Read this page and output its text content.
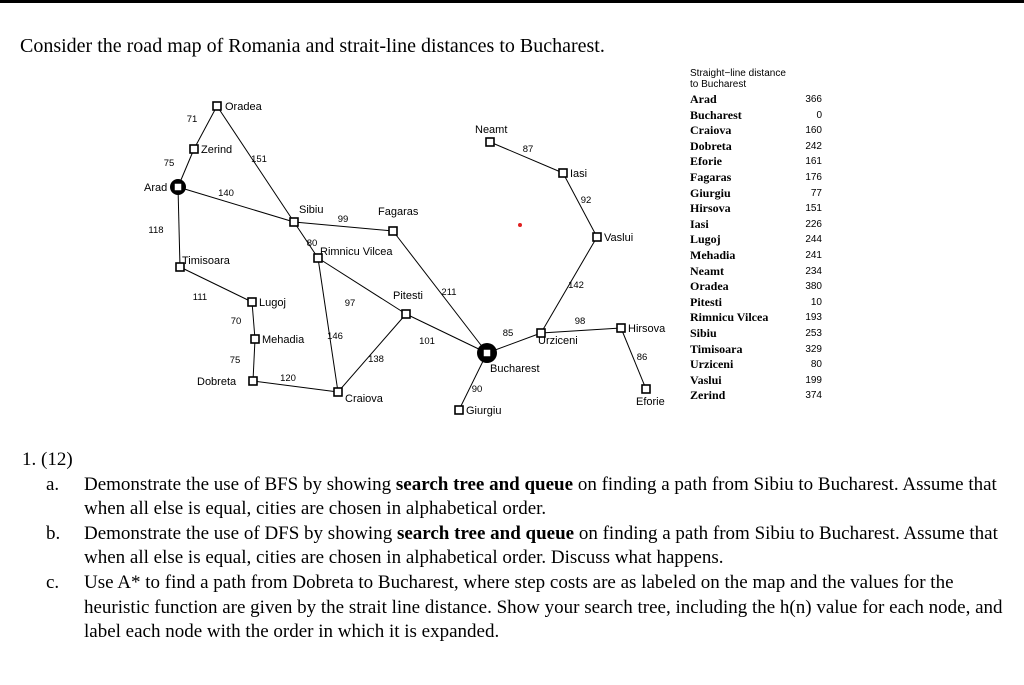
Consider the road map of Romania and strait-line distances to Bucharest.
71
75	151
140
118
111
70
75
120
99
80
97
146
138
101
211
90
85
98
86
142
92
87
Oradea
Zerind
Arad
Timisoara
Lugoj
Mehadia
Dobreta
Sibiu	Fagaras
Rimnicu Vilcea
Pitesti
Craiova
Bucharest
Giurgiu
Urziceni
Hirsova
Eforie
Vaslui
Iasi
Neamt
Straight−line distance
to Bucharest
Arad	366
Bucharest	0
Craiova	160
Dobreta	242
Eforie	161
Fagaras	176
Giurgiu	77
Hirsova	151
Iasi	226
Lugoj	244
Mehadia	241
Neamt	234
Oradea	380
Pitesti	10
Rimnicu Vilcea	193
Sibiu	253
Timisoara	329
Urziceni	80
Vaslui	199
Zerind	374
1. (12)
a. Demonstrate the use of BFS by showing search tree and queue on finding a path from Sibiu to Bucharest. Assume that when all else is equal, cities are chosen in alphabetical order.
b. Demonstrate the use of DFS by showing search tree and queue on finding a path from Sibiu to Bucharest. Assume that when all else is equal, cities are chosen in alphabetical order. Discuss what happens.
c. Use A* to find a path from Dobreta to Bucharest, where step costs are as labeled on the map and the values for the heuristic function are given by the strait line distance. Show your search tree, including the h(n) value for each node, and label each node with the order in which it is expanded.
